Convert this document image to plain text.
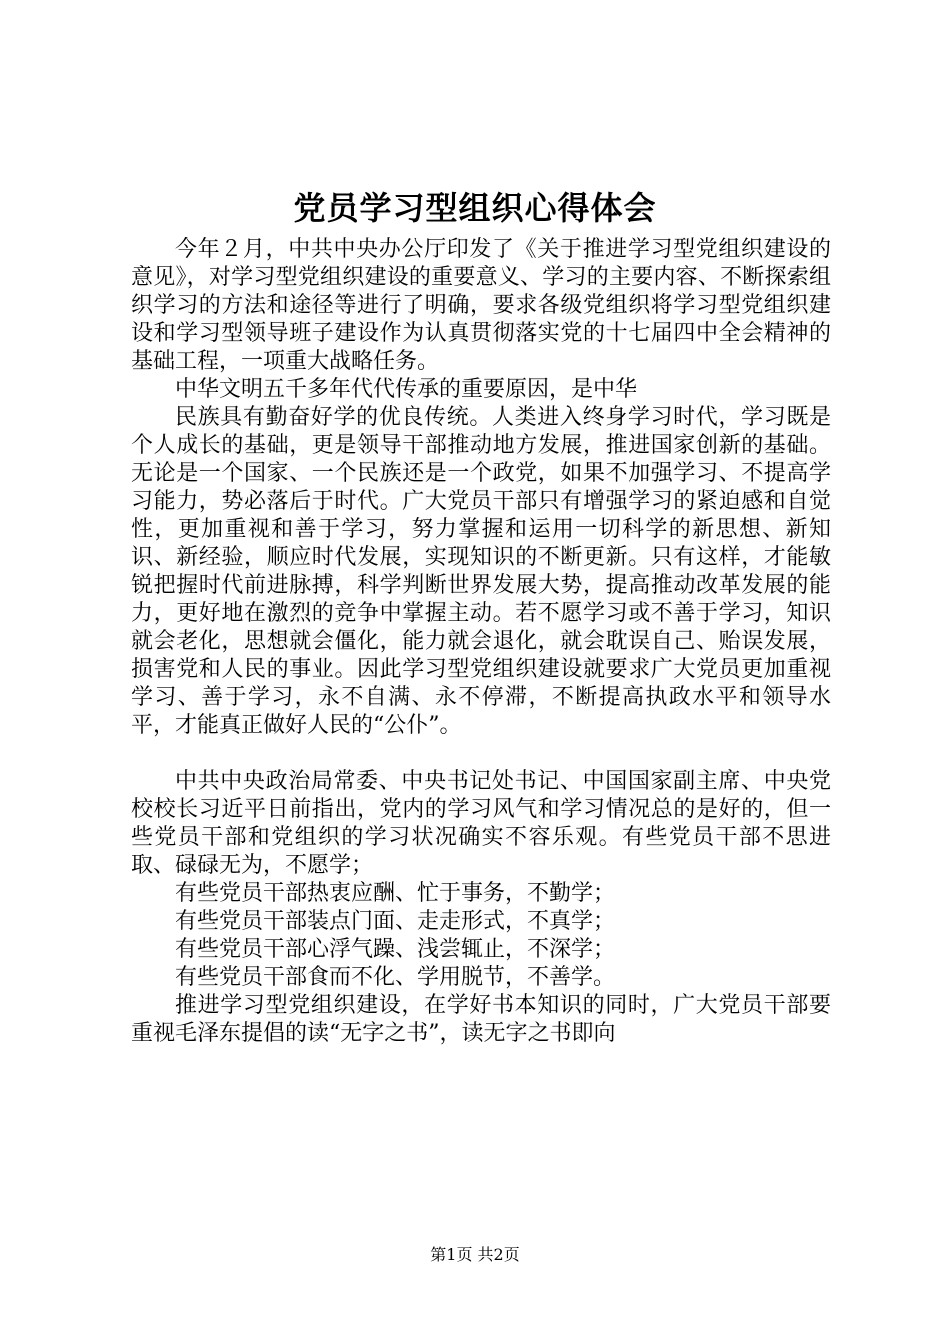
党员学习型组织心得体会

今年２月，中共中央办公厅印发了《关于推进学习型党组织建设的意见》，对学习型党组织建设的重要意义、学习的主要内容、不断探索组织学习的方法和途径等进行了明确，要求各级党组织将学习型党组织建设和学习型领导班子建设作为认真贯彻落实党的十七届四中全会精神的基础工程，一项重大战略任务。

中华文明五千多年代代传承的重要原因，是中华

民族具有勤奋好学的优良传统。人类进入终身学习时代，学习既是个人成长的基础，更是领导干部推动地方发展，推进国家创新的基础。无论是一个国家、一个民族还是一个政党，如果不加强学习、不提高学习能力，势必落后于时代。广大党员干部只有增强学习的紧迫感和自觉性，更加重视和善于学习，努力掌握和运用一切科学的新思想、新知识、新经验，顺应时代发展，实现知识的不断更新。只有这样，才能敏锐把握时代前进脉搏，科学判断世界发展大势，提高推动改革发展的能力，更好地在激烈的竞争中掌握主动。若不愿学习或不善于学习，知识就会老化，思想就会僵化，能力就会退化，就会耽误自己、贻误发展，损害党和人民的事业。因此学习型党组织建设就要求广大党员更加重视学习、善于学习，永不自满、永不停滞，不断提高执政水平和领导水平，才能真正做好人民的“公仆”。

中共中央政治局常委、中央书记处书记、中国国家副主席、中央党校校长习近平日前指出，党内的学习风气和学习情况总的是好的，但一些党员干部和党组织的学习状况确实不容乐观。有些党员干部不思进取、碌碌无为，不愿学；

有些党员干部热衷应酬、忙于事务，不勤学；

有些党员干部装点门面、走走形式，不真学；

有些党员干部心浮气躁、浅尝辄止，不深学；

有些党员干部食而不化、学用脱节，不善学。

推进学习型党组织建设，在学好书本知识的同时，广大党员干部要重视毛泽东提倡的读“无字之书”，读无字之书即向

第1页 共2页
